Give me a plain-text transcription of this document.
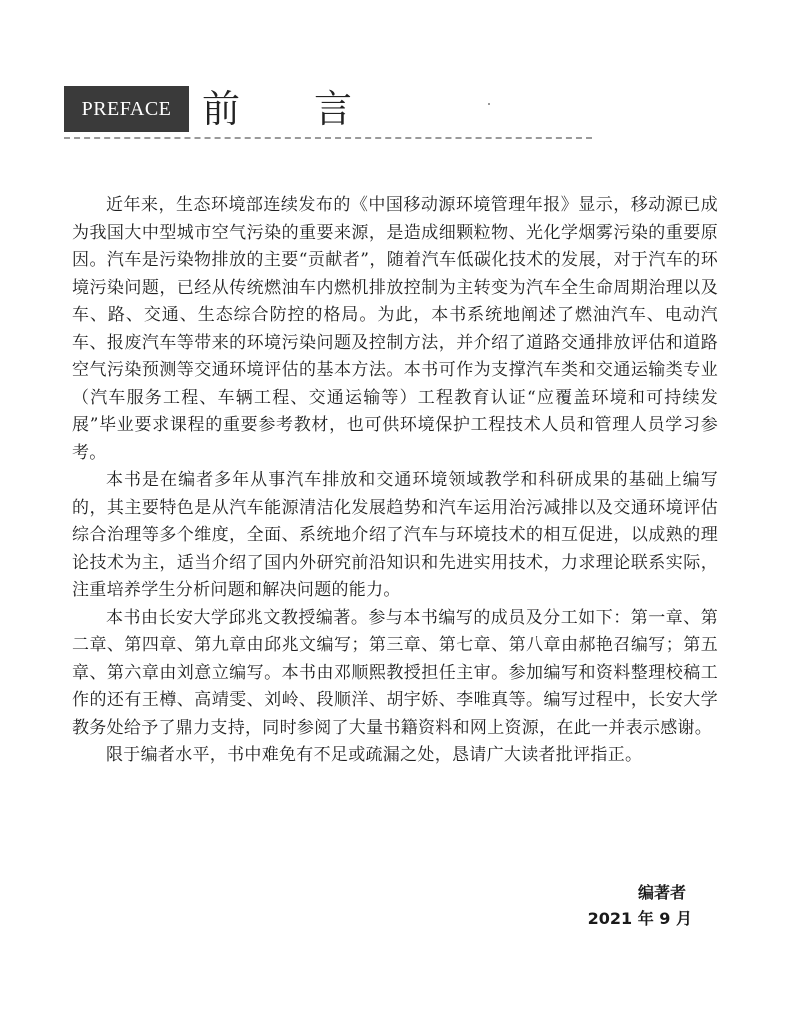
PREFACE 前言

近年来，生态环境部连续发布的《中国移动源环境管理年报》显示，移动源已成为我国大中型城市空气污染的重要来源，是造成细颗粒物、光化学烟雾污染的重要原因。汽车是污染物排放的主要“贡献者”，随着汽车低碳化技术的发展，对于汽车的环境污染问题，已经从传统燃油车内燃机排放控制为主转变为汽车全生命周期治理以及车、路、交通、生态综合防控的格局。为此，本书系统地阐述了燃油汽车、电动汽车、报废汽车等带来的环境污染问题及控制方法，并介绍了道路交通排放评估和道路空气污染预测等交通环境评估的基本方法。本书可作为支撑汽车类和交通运输类专业（汽车服务工程、车辆工程、交通运输等）工程教育认证“应覆盖环境和可持续发展”毕业要求课程的重要参考教材，也可供环境保护工程技术人员和管理人员学习参考。

本书是在编者多年从事汽车排放和交通环境领域教学和科研成果的基础上编写的，其主要特色是从汽车能源清洁化发展趋势和汽车运用治污减排以及交通环境评估综合治理等多个维度，全面、系统地介绍了汽车与环境技术的相互促进，以成熟的理论技术为主，适当介绍了国内外研究前沿知识和先进实用技术，力求理论联系实际，注重培养学生分析问题和解决问题的能力。

本书由长安大学邱兆文教授编著。参与本书编写的成员及分工如下：第一章、第二章、第四章、第九章由邱兆文编写；第三章、第七章、第八章由郝艳召编写；第五章、第六章由刘意立编写。本书由邓顺熙教授担任主审。参加编写和资料整理校稿工作的还有王樽、高靖雯、刘岭、段顺洋、胡宇娇、李唯真等。编写过程中，长安大学教务处给予了鼎力支持，同时参阅了大量书籍资料和网上资源，在此一并表示感谢。

限于编者水平，书中难免有不足或疏漏之处，恳请广大读者批评指正。

编著者
2021 年 9 月
